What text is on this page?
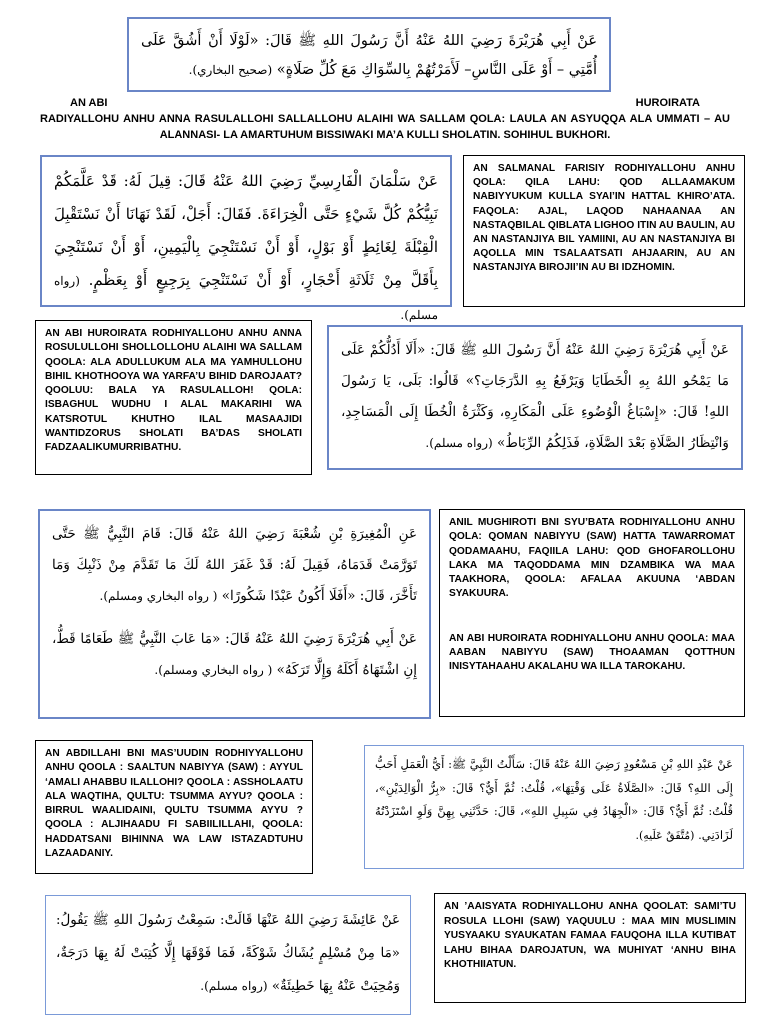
عَنْ أَبِي هُرَيْرَةَ رَضِيَ اللهُ عَنْهُ أَنَّ رَسُولَ اللهِ ﷺ قَالَ: «لَوْلَا أَنْ أَشُقَّ عَلَى أُمَّتِي – أَوْ عَلَى النَّاسِ– لَأَمَرْتُهُمْ بِالسِّوَاكِ مَعَ كُلِّ صَلَاةٍ» (صحيح البخاري).
AN ABI	HUROIRATA
RADIYALLOHU ANHU ANNA RASULALLOHI SALLALLOHU ALAIHI WA SALLAM QOLA: LAULA AN ASYUQQA ALA UMMATI – AU ALANNASI- LA AMARTUHUM BISSIWAKI MA’A KULLI SHOLATIN. SOHIHUL BUKHORI.
عَنْ سَلْمَانَ الْفَارِسِيِّ رَضِيَ اللهُ عَنْهُ قَالَ: قِيلَ لَهُ: قَدْ عَلَّمَكُمْ نَبِيُّكُمْ كُلَّ شَيْءٍ حَتَّى الْخِرَاءَةَ. فَقَالَ: أَجَلْ، لَقَدْ نَهَانَا أَنْ نَسْتَقْبِلَ الْقِبْلَةَ لِغَائِطٍ أَوْ بَوْلٍ، أَوْ أَنْ نَسْتَنْجِيَ بِالْيَمِينِ، أَوْ أَنْ نَسْتَنْجِيَ بِأَقَلَّ مِنْ ثَلَاثَةِ أَحْجَارٍ، أَوْ أَنْ نَسْتَنْجِيَ بِرَجِيعٍ أَوْ بِعَظْمٍ. (رواه مسلم).

AN SALMANAL FARISIY RODHIYALLOHU ANHU QOLA: QILA LAHU: QOD ALLAAMAKUM NABIYYUKUM KULLA SYAI’IN HATTAL KHIRO’ATA. FAQOLA: AJAL, LAQOD NAHAANAA AN NASTAQBILAL QIBLATA LIGHOO ITIN AU BAULIN, AU AN NASTANJIYA BIL YAMIINI, AU AN NASTANJIYA BI AQOLLA MIN TSALAATSATI AHJAARIN, AU AN NASTANJIYA BIROJII’IN AU BI IDZHOMIN.

AN ABI HUROIRATA RODHIYALLOHU ANHU ANNA ROSULULLOHI SHOLLOLLOHU ALAIHI WA SALLAM QOOLA: ALA ADULLUKUM ALA MA YAMHULLOHU BIHIL KHOTHOOYA WA YARFA’U BIHID DAROJAAT? QOOLUU: BALA YA RASULALLOH! QOLA: ISBAGHUL WUDHU I ALAL MAKARIHI WA KATSROTUL KHUTHO ILAL MASAAJIDI WANTIDZORUS SHOLATI BA’DAS SHOLATI FADZAALIKUMURRIBATHU.

عَنْ أَبِي هُرَيْرَةَ رَضِيَ اللهُ عَنْهُ أَنَّ رَسُولَ اللهِ ﷺ قَالَ: «أَلَا أَدُلُّكُمْ عَلَى مَا يَمْحُو اللهُ بِهِ الْخَطَايَا وَيَرْفَعُ بِهِ الدَّرَجَاتِ؟» قَالُوا: بَلَى، يَا رَسُولَ اللهِ! قَالَ: «إِسْبَاغُ الْوُضُوءِ عَلَى الْمَكَارِهِ، وَكَثْرَةُ الْخُطَا إِلَى الْمَسَاجِدِ، وَانْتِظَارُ الصَّلَاةِ بَعْدَ الصَّلَاةِ، فَذَلِكُمُ الرِّبَاطُ» (رواه مسلم).

عَنِ الْمُغِيرَةِ بْنِ شُعْبَةَ رَضِيَ اللهُ عَنْهُ قَالَ: قَامَ النَّبِيُّ ﷺ حَتَّى تَوَرَّمَتْ قَدَمَاهُ، فَقِيلَ لَهُ: قَدْ غَفَرَ اللهُ لَكَ مَا تَقَدَّمَ مِنْ ذَنْبِكَ وَمَا تَأَخَّرَ، قَالَ: «أَفَلَا أَكُونُ عَبْدًا شَكُورًا» ( رواه البخاري ومسلم).

عَنْ أَبِي هُرَيْرَةَ رَضِيَ اللهُ عَنْهُ قَالَ: «مَا عَابَ النَّبِيُّ ﷺ طَعَامًا قَطُّ، إِنِ اشْتَهَاهُ أَكَلَهُ وَإِلَّا تَرَكَهُ» ( رواه البخاري ومسلم).

ANIL MUGHIROTI BNI SYU’BATA RODHIYALLOHU ANHU QOLA: QOMAN NABIYYU (SAW) HATTA TAWARROMAT QODAMAAHU, FAQIILA LAHU: QOD GHOFAROLLOHU LAKA MA TAQODDAMA MIN DZAMBIKA WA MAA TAAKHORA, QOOLA: AFALAA AKUUNA ‘ABDAN SYAKUURA.

AN ABI HUROIRATA RODHIYALLOHU ANHU QOOLA: MAA AABAN NABIYYU (SAW) THOAAMAN QOTTHUN INISYTAHAAHU AKALAHU WA ILLA TAROKAHU.

AN ABDILLAHI BNI MAS’UUDIN RODHIYYALLOHU ANHU QOOLA : SAALTUN NABIYYA (SAW) : AYYUL ‘AMALI AHABBU ILALLOHI? QOOLA : ASSHOLAATU ALA WAQTIHA, QULTU: TSUMMA AYYU? QOOLA : BIRRUL WAALIDAINI, QULTU TSUMMA AYYU ? QOOLA : ALJIHAADU FI SABIILILLAHI, QOOLA: HADDATSANI BIHINNA WA LAW ISTAZADTUHU LAZAADANIY.

عَنْ عَبْدِ اللهِ بْنِ مَسْعُودٍ رَضِيَ اللهُ عَنْهُ قَالَ: سَأَلْتُ النَّبِيَّ ﷺ: أَيُّ الْعَمَلِ أَحَبُّ إِلَى اللهِ؟ قَالَ: «الصَّلَاةُ عَلَى وَقْتِهَا»، قُلْتُ: ثُمَّ أَيٌّ؟ قَالَ: «بِرُّ الْوَالِدَيْنِ»، قُلْتُ: ثُمَّ أَيٌّ؟ قَالَ: «الْجِهَادُ فِي سَبِيلِ اللهِ»، قَالَ: حَدَّثَنِي بِهِنَّ وَلَوِ اسْتَزَدْتُهُ لَزَادَنِي. (مُتَّفَقٌ عَلَيهِ).
عَنْ عَائِشَةَ رَضِيَ اللهُ عَنْهَا قَالَتْ: سَمِعْتُ رَسُولَ اللهِ ﷺ يَقُولُ: «مَا مِنْ مُسْلِمٍ يُشَاكُ شَوْكَةً، فَمَا فَوْقَهَا إِلَّا كُتِبَتْ لَهُ بِهَا دَرَجَةٌ، وَمُحِيَتْ عَنْهُ بِهَا خَطِيئَةٌ» (رواه مسلم).

AN ’AAISYATA RODHIYALLOHU ANHA QOOLAT: SAMI’TU ROSULA LLOHI (SAW) YAQUULU : MAA MIN MUSLIMIN YUSYAAKU SYAUKATAN FAMAA FAUQOHA ILLA KUTIBAT LAHU BIHAA DAROJATUN, WA MUHIYAT ‘ANHU BIHA KHOTHIIATUN.
